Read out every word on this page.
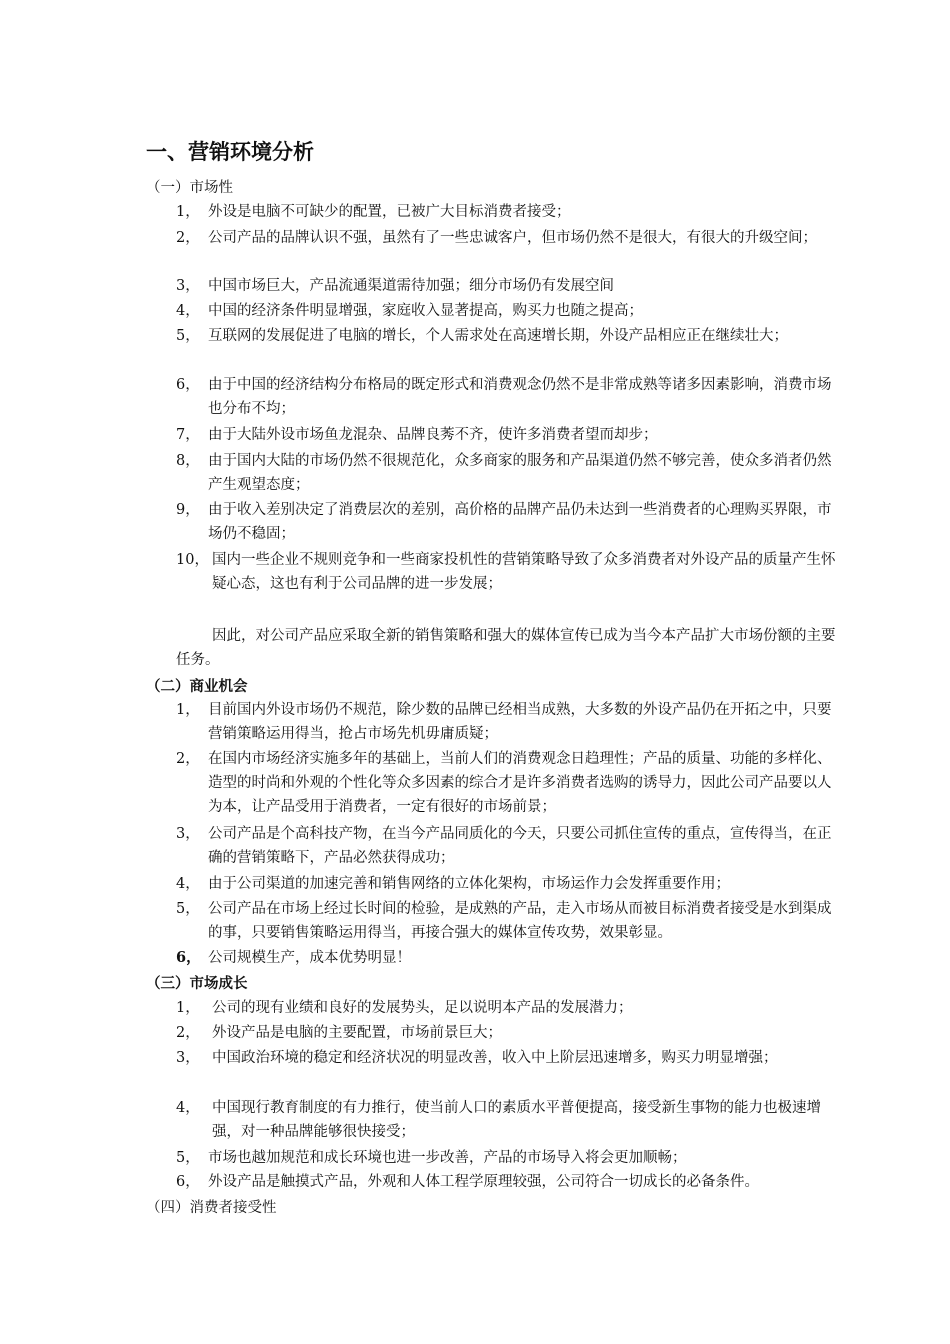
一、营销环境分析
（一）市场性
1， 外设是电脑不可缺少的配置，已被广大目标消费者接受；
2， 公司产品的品牌认识不强，虽然有了一些忠诚客户，但市场仍然不是很大，有很大的升级空间；
3， 中国市场巨大，产品流通渠道需待加强；细分市场仍有发展空间
4， 中国的经济条件明显增强，家庭收入显著提高，购买力也随之提高；
5， 互联网的发展促进了电脑的增长，个人需求处在高速增长期，外设产品相应正在继续壮大；
6， 由于中国的经济结构分布格局的既定形式和消费观念仍然不是非常成熟等诸多因素影响，消费市场也分布不均；
7， 由于大陆外设市场鱼龙混杂、品牌良莠不齐，使许多消费者望而却步；
8， 由于国内大陆的市场仍然不很规范化，众多商家的服务和产品渠道仍然不够完善，使众多消者仍然产生观望态度；
9， 由于收入差别决定了消费层次的差别，高价格的品牌产品仍未达到一些消费者的心理购买界限，市场仍不稳固；
10， 国内一些企业不规则竞争和一些商家投机性的营销策略导致了众多消费者对外设产品的质量产生怀疑心态，这也有利于公司品牌的进一步发展；
因此，对公司产品应采取全新的销售策略和强大的媒体宣传已成为当今本产品扩大市场份额的主要任务。
（二）商业机会
1， 目前国内外设市场仍不规范，除少数的品牌已经相当成熟，大多数的外设产品仍在开拓之中，只要营销策略运用得当，抢占市场先机毋庸质疑；
2， 在国内市场经济实施多年的基础上，当前人们的消费观念日趋理性；产品的质量、功能的多样化、造型的时尚和外观的个性化等众多因素的综合才是许多消费者选购的诱导力，因此公司产品要以人为本，让产品受用于消费者，一定有很好的市场前景；
3， 公司产品是个高科技产物，在当今产品同质化的今天，只要公司抓住宣传的重点，宣传得当，在正确的营销策略下，产品必然获得成功；
4， 由于公司渠道的加速完善和销售网络的立体化架构，市场运作力会发挥重要作用；
5， 公司产品在市场上经过长时间的检验，是成熟的产品，走入市场从而被目标消费者接受是水到渠成的事，只要销售策略运用得当，再接合强大的媒体宣传攻势，效果彰显。
6， 公司规模生产，成本优势明显！
（三）市场成长
1， 公司的现有业绩和良好的发展势头，足以说明本产品的发展潜力；
2， 外设产品是电脑的主要配置，市场前景巨大；
3， 中国政治环境的稳定和经济状况的明显改善，收入中上阶层迅速增多，购买力明显增强；
4， 中国现行教育制度的有力推行，使当前人口的素质水平普便提高，接受新生事物的能力也极速增强，对一种品牌能够很快接受；
5， 市场也越加规范和成长环境也进一步改善，产品的市场导入将会更加顺畅；
6， 外设产品是触摸式产品，外观和人体工程学原理较强，公司符合一切成长的必备条件。
（四）消费者接受性
